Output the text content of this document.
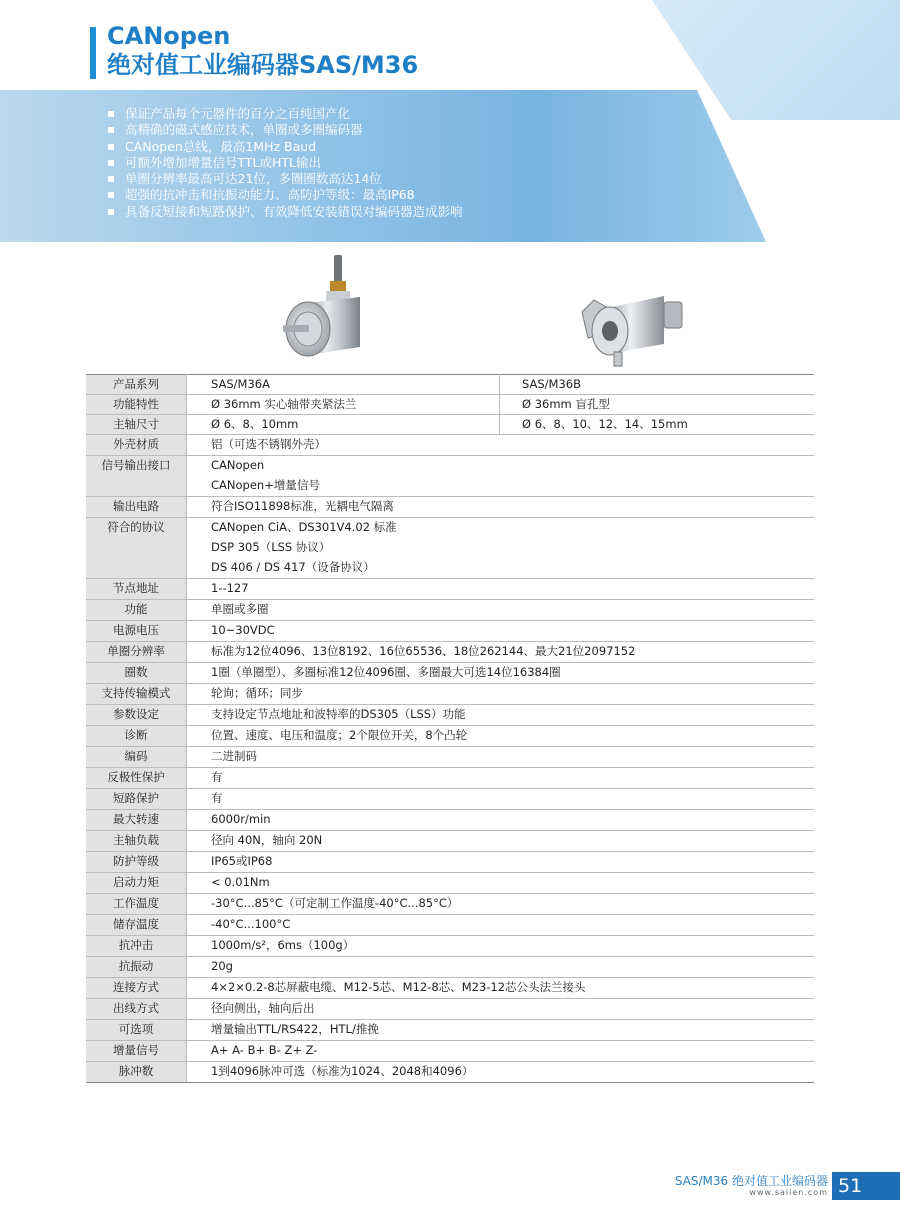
CANopen
绝对值工业编码器SAS/M36
保证产品每个元器件的百分之百纯国产化
高精确的磁式感应技术，单圈或多圈编码器
CANopen总线，最高1MHz Baud
可额外增加增量信号TTL或HTL输出
单圈分辨率最高可达21位，多圈圈数高达14位
超强的抗冲击和抗振动能力、高防护等级：最高IP68
具备反短接和短路保护、有效降低安装错误对编码器造成影响
产品系列	SAS/M36A	SAS/M36B
功能特性	Ø 36mm 实心轴带夹紧法兰	Ø 36mm 盲孔型
主轴尺寸	Ø 6、8、10mm	Ø 6、8、10、12、14、15mm
外壳材质	铝（可选不锈钢外壳）	

信号输出接口	CANopen
CANopen+增量信号	

输出电路	符合ISO11898标准，光耦电气隔离	

符合的协议	CANopen CiA、DS301V4.02 标准
DSP 305（LSS 协议）
DS 406 / DS 417（设备协议）	

节点地址	1--127	

功能	单圈或多圈	

电源电压	10~30VDC	

单圈分辨率	标准为12位4096、13位8192、16位65536、18位262144、最大21位2097152	

圈数	1圈（单圈型）、多圈标准12位4096圈、多圈最大可选14位16384圈	

支持传输模式	轮询；循环；同步	

参数设定	支持设定节点地址和波特率的DS305（LSS）功能	

诊断	位置、速度、电压和温度；2个限位开关，8个凸轮	

编码	二进制码	

反极性保护	有	

短路保护	有	

最大转速	6000r/min	

主轴负载	径向 40N，轴向 20N	

防护等级	IP65或IP68	

启动力矩	< 0.01Nm	

工作温度	-30°C...85°C（可定制工作温度-40°C...85°C）	

储存温度	-40°C...100°C	

抗冲击	1000m/s²，6ms（100g）	

抗振动	20g	

连接方式	4×2×0.2-8芯屏蔽电缆、M12-5芯、M12-8芯、M23-12芯公头法兰接头	

出线方式	径向侧出，轴向后出	

可选项	增量输出TTL/RS422，HTL/推挽	

增量信号	A+ A- B+ B- Z+ Z-	

脉冲数	1到4096脉冲可选（标准为1024、2048和4096）	
SAS/M36 绝对值工业编码器
www.saiien.com 51
